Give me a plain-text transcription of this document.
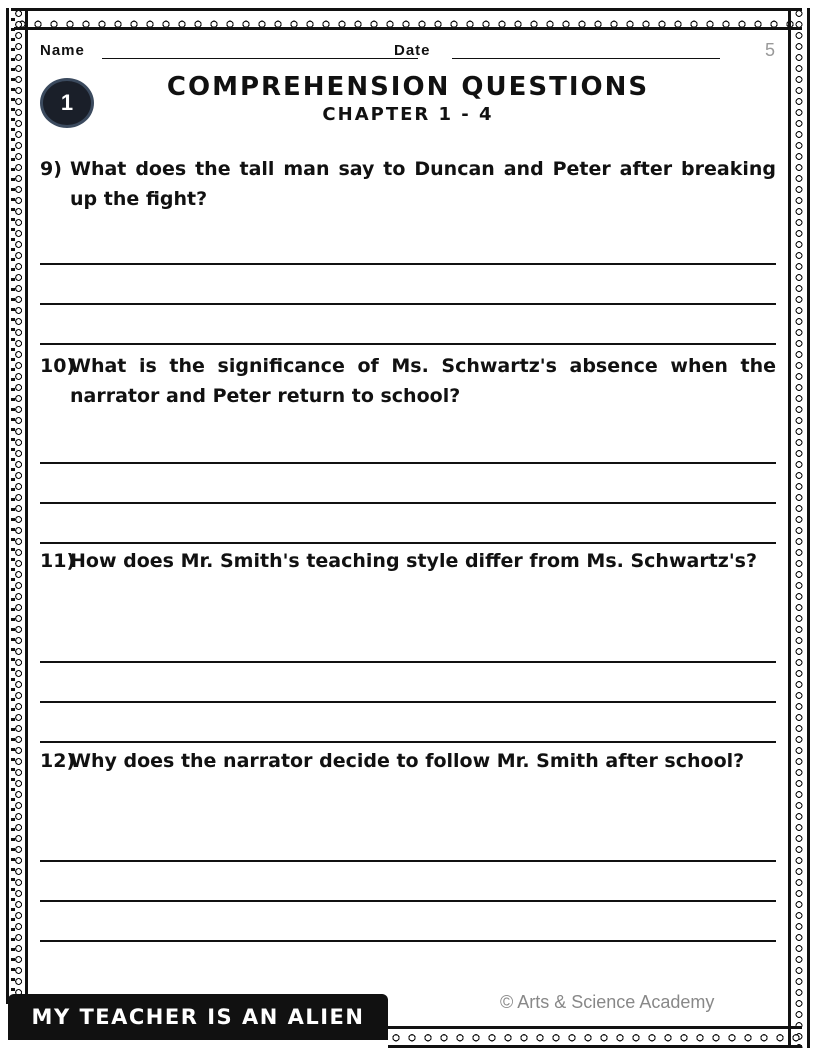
Name	Date	5
1
COMPREHENSION QUESTIONS
CHAPTER 1 - 4
9) What does the tall man say to Duncan and Peter after breaking up the fight?
10)
What is the significance of Ms. Schwartz's absence when the narrator and Peter return to school?
11)
How does Mr. Smith's teaching style differ from Ms. Schwartz's?
12)
Why does the narrator decide to follow Mr. Smith after school?
MY TEACHER IS AN ALIEN
© Arts & Science Academy
